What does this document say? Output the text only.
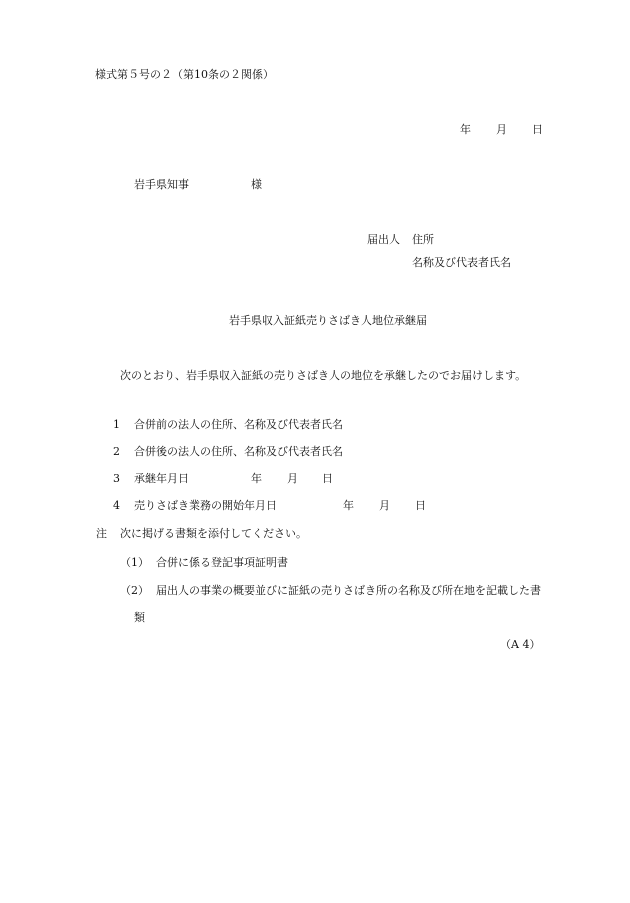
様式第５号の２（第10条の２関係）
年 月 日
岩手県知事	様
届出人 住所
名称及び代表者氏名
岩手県収入証紙売りさばき人地位承継届
次のとおり、岩手県収入証紙の売りさばき人の地位を承継したのでお届けします。
1 合併前の法人の住所、名称及び代表者氏名
2 合併後の法人の住所、名称及び代表者氏名
3 承継年月日	年 月 日
4 売りさばき業務の開始年月日	年 月 日
注 次に掲げる書類を添付してください。
（1） 合併に係る登記事項証明書
（2） 届出人の事業の概要並びに証紙の売りさばき所の名称及び所在地を記載した書
類
（A 4）
